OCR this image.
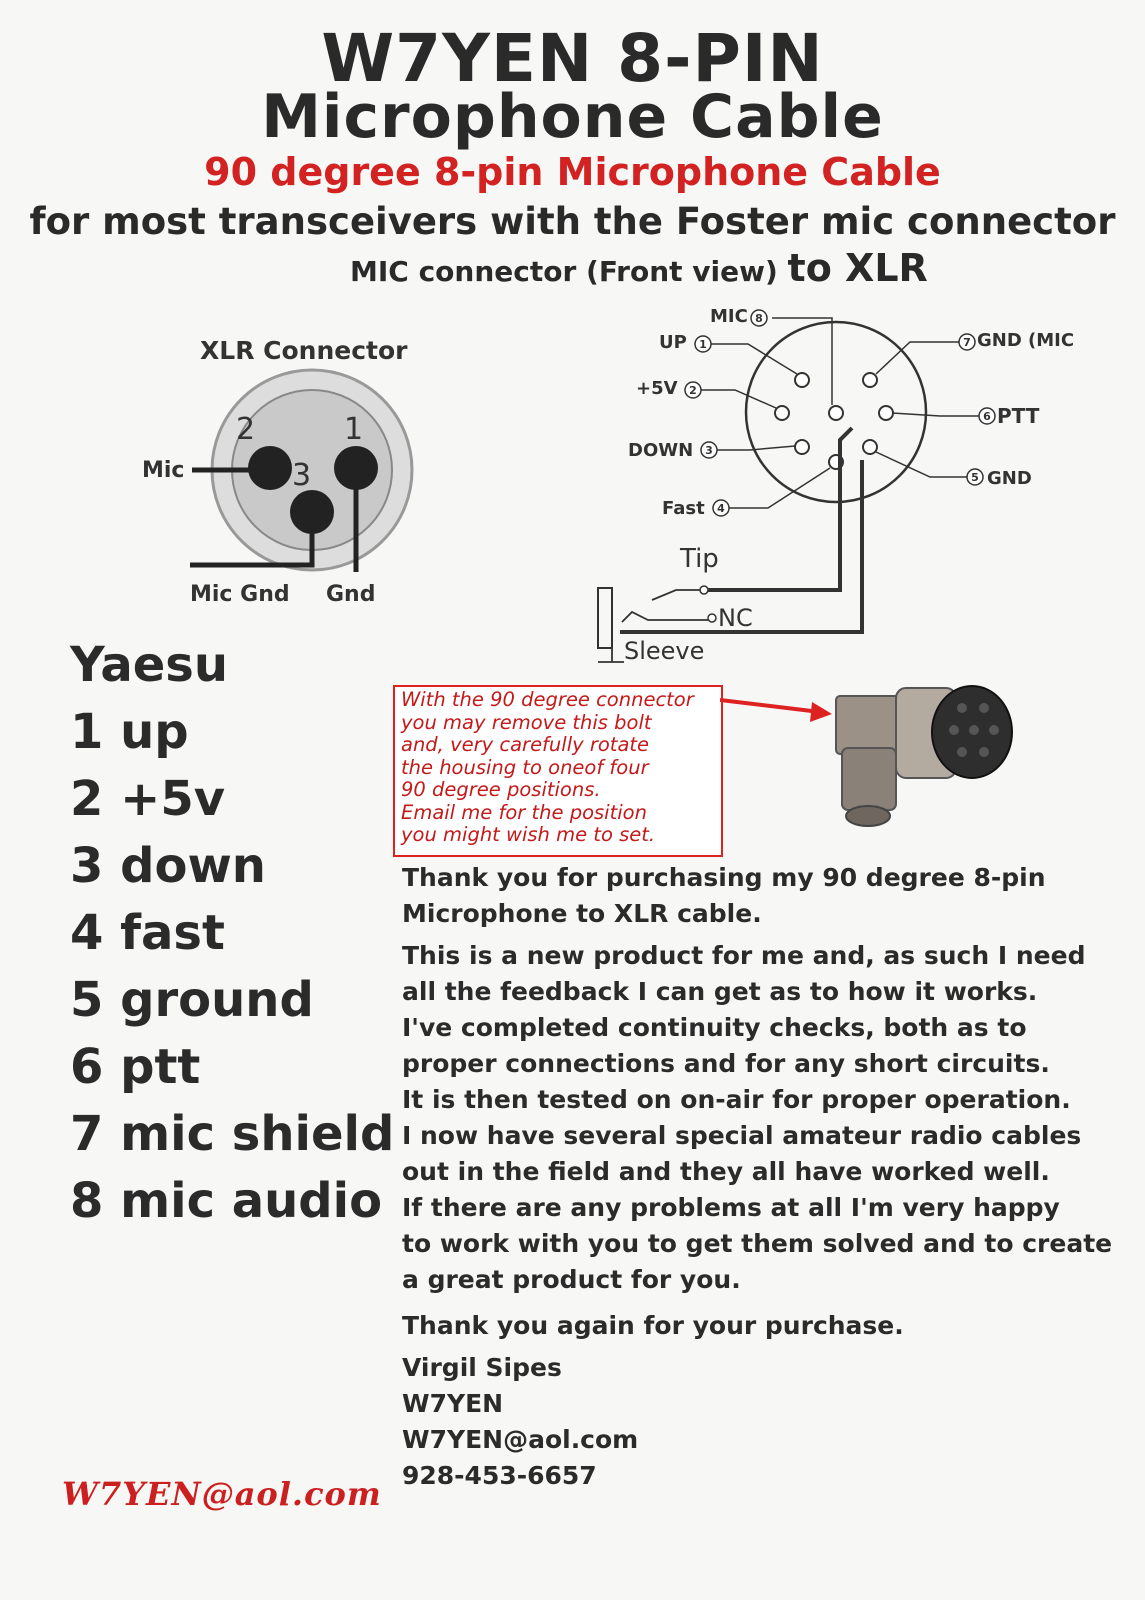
W7YEN 8-PIN
Microphone Cable
90 degree 8-pin Microphone Cable
for most transceivers with the Foster mic connector
MIC connector (Front view) to XLR
XLR Connector
2	1
3
Mic
Mic Gnd Gnd
8
1
2
3
4
7
6
5
MIC
UP
+5V
DOWN
Fast
GND (MIC
PTT
GND
Tip
NC
Sleeve
Yaesu
1 up
2 +5v
3 down
4 fast
5 ground
6 ptt
7 mic shield
8 mic audio
With the 90 degree connector
you may remove this bolt
and, very carefully rotate
the housing to oneof four
90 degree positions.
Email me for the position
you might wish me to set.
Thank you for purchasing my 90 degree 8-pin
Microphone to XLR cable.
This is a new product for me and, as such I need
all the feedback I can get as to how it works.
I've completed continuity checks, both as to
proper connections and for any short circuits.
It is then tested on on-air for proper operation.
I now have several special amateur radio cables
out in the field and they all have worked well.
If there are any problems at all I'm very happy
to work with you to get them solved and to create
a great product for you.
Thank you again for your purchase.
Virgil Sipes
W7YEN
W7YEN@aol.com
928-453-6657
W7YEN@aol.com
